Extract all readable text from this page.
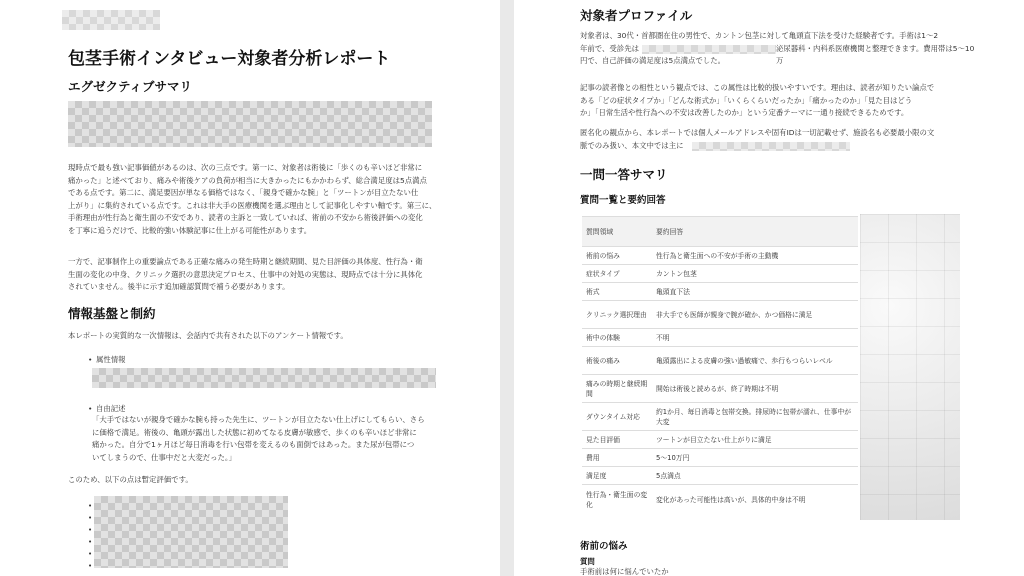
包茎手術インタビュー対象者分析レポート
エグゼクティブサマリ

現時点で最も強い記事価値があるのは、次の三点です。第一に、対象者は術後に「歩くのも辛いほど非常に

痛かった」と述べており、痛みや術後ケアの負荷が相当に大きかったにもかかわらず、総合満足度は5点満点

である点です。第二に、満足要因が単なる価格ではなく、「親身で確かな腕」と「ツートンが目立たない仕

上がり」に集約されている点です。これは非大手の医療機関を選ぶ理由として記事化しやすい軸です。第三に、

手術理由が性行為と衛生面の不安であり、読者の主訴と一致していれば、術前の不安から術後評価への変化

を丁寧に追うだけで、比較的強い体験記事に仕上がる可能性があります。

一方で、記事制作上の重要論点である正確な痛みの発生時期と継続期間、見た目評価の具体度、性行為・衛

生面の変化の中身、クリニック選択の意思決定プロセス、仕事中の対処の実態は、現時点では十分に具体化

されていません。後半に示す追加確認質問で補う必要があります。

情報基盤と制約

本レポートの実質的な一次情報は、会話内で共有された以下のアンケート情報です。

• 属性情報

• 自由記述

「大手ではないが親身で確かな腕も持った先生に、ツートンが目立たない仕上げにしてもらい、さら

に価格で満足。術後の、亀頭が露出した状態に初めてなる皮膚が敏感で、歩くのも辛いほど非常に

痛かった。自分で1ヶ月ほど毎日消毒を行い包帯を変えるのも面倒ではあった。また尿が包帯につ

いてしまうので、仕事中だと大変だった。」

このため、以下の点は暫定評価です。

•
•
•
•
•
•
対象者プロファイル

対象者は、30代・首都圏在住の男性で、カントン包茎に対して亀頭直下法を受けた経験者です。手術は1〜2

年前で、受診先は	泌尿器科・内科系医療機関と整理できます。費用帯は5〜10万

円で、自己評価の満足度は5点満点でした。

記事の読者像との相性という観点では、この属性は比較的扱いやすいです。理由は、読者が知りたい論点で

ある「どの症状タイプか」「どんな術式か」「いくらくらいだったか」「痛かったのか」「見た目はどう

か」「日常生活や性行為への不安は改善したのか」という定番テーマに一通り接続できるためです。

匿名化の観点から、本レポートでは個人メールアドレスや固有IDは一切記載せず、施設名も必要最小限の文

脈でのみ扱い、本文中では主に

一問一答サマリ
質問一覧と要約回答
質問領域	要約回答
術前の悩み	性行為と衛生面への不安が手術の主動機
症状タイプ	カントン包茎
術式	亀頭直下法
クリニック選択理由	非大手でも医師が親身で腕が確か、かつ価格に満足
術中の体験	不明
術後の痛み	亀頭露出による皮膚の強い過敏痛で、歩行もつらいレベル
痛みの時期と継続期間	開始は術後と読めるが、終了時期は不明
ダウンタイム対応	約1か月、毎日消毒と包帯交換。排尿時に包帯が濡れ、仕事中が大変
見た目評価	ツートンが目立たない仕上がりに満足
費用	5〜10万円
満足度	5点満点
性行為・衛生面の変化	変化があった可能性は高いが、具体的中身は不明
術前の悩み

質問

手術前は何に悩んでいたか
